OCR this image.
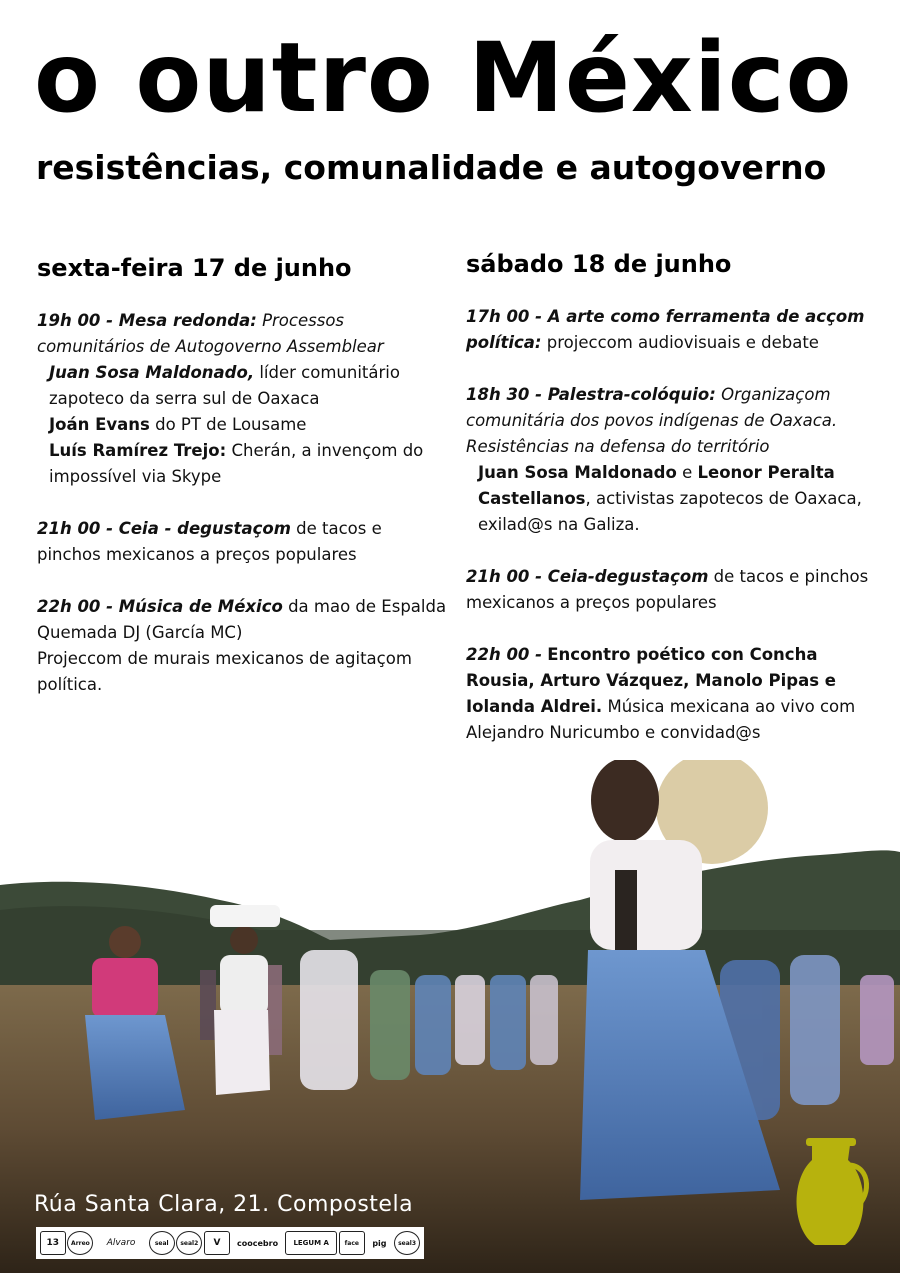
o outro México
resistências, comunalidade e autogoverno
sexta-feira 17 de junho

19h 00 - Mesa redonda: Processos comunitários de Autogoverno Assemblear

Juan Sosa Maldonado, líder comunitário zapoteco da serra sul de Oaxaca

Joán Evans do PT de Lousame

Luís Ramírez Trejo: Cherán, a invençom do impossível via Skype

21h 00 - Ceia - degustaçom de tacos e pinchos mexicanos a preços populares

22h 00 - Música de México da mao de Espalda Quemada DJ (García MC)

Projeccom de murais mexicanos de agitaçom política.

sábado 18 de junho

17h 00 - A arte como ferramenta de acçom política: projeccom audiovisuais e debate

18h 30 - Palestra-colóquio: Organizaçom comunitária dos povos indígenas de Oaxaca. Resistências na defensa do território

Juan Sosa Maldonado e Leonor Peralta Castellanos, activistas zapotecos de Oaxaca, exilad@s na Galiza.

21h 00 - Ceia-degustaçom de tacos e pinchos mexicanos a preços populares

22h 00 - Encontro poético con Concha Rousia, Arturo Vázquez, Manolo Pipas e Iolanda Aldrei. Música mexicana ao vivo com Alejandro Nuricumbo e convidad@s

Rúa Santa Clara, 21. Compostela
13	Arreo	Alvaro	seal	seal2	V	coocebro	LEGUM A	face	pig	seal3
